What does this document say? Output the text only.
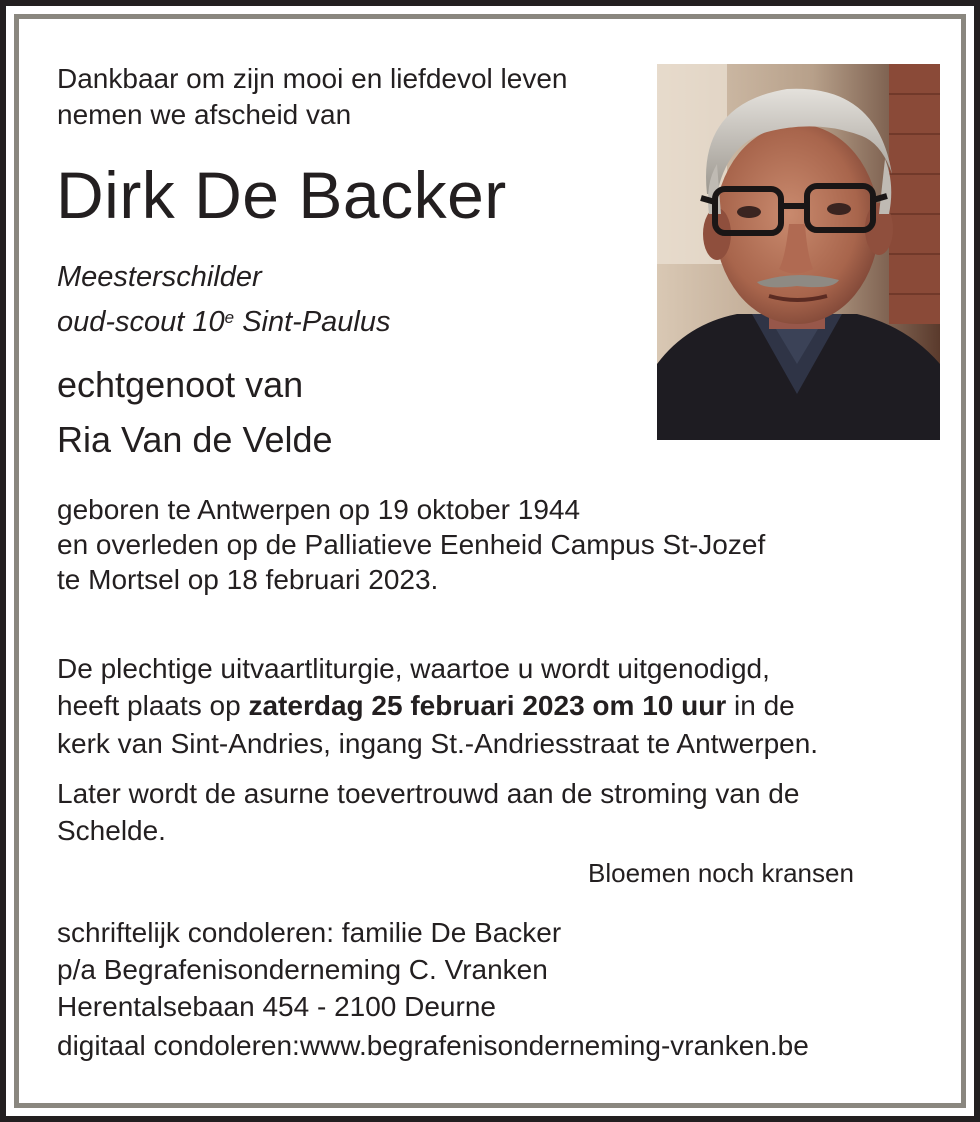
Dankbaar om zijn mooi en liefdevol leven

nemen we afscheid van

Dirk De Backer

Meesterschilder

oud-scout 10e Sint-Paulus

echtgenoot van

Ria Van de Velde

geboren te Antwerpen op 19 oktober 1944

en overleden op de Palliatieve Eenheid Campus St-Jozef

te Mortsel op 18 februari 2023.

De plechtige uitvaartliturgie, waartoe u wordt uitgenodigd,

heeft plaats op zaterdag 25 februari 2023 om 10 uur in de

kerk van Sint-Andries, ingang St.-Andriesstraat te Antwerpen.

Later wordt de asurne toevertrouwd aan de stroming van de

Schelde.

Bloemen noch kransen

schriftelijk condoleren: familie De Backer

p/a Begrafenisonderneming C. Vranken

Herentalsebaan 454 - 2100 Deurne

digitaal condoleren:www.begrafenisonderneming-vranken.be
